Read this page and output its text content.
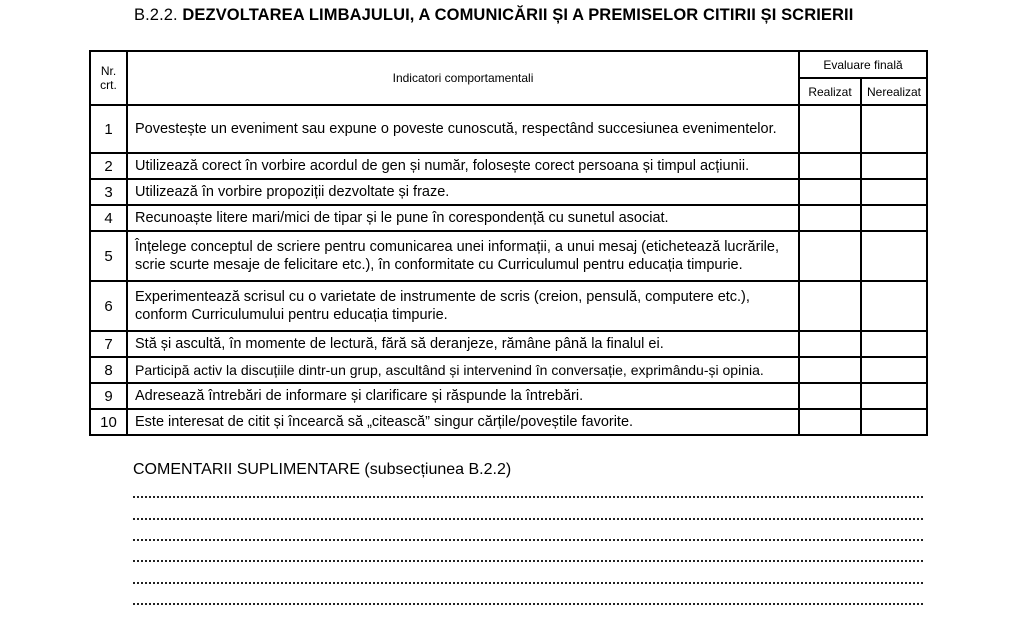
B.2.2. DEZVOLTAREA LIMBAJULUI, A COMUNICĂRII ȘI A PREMISELOR CITIRII ȘI SCRIERII
Nr.
crt.	Indicatori comportamentali	Evaluare finală	
		Realizat	Nerealizat
1	Povestește un eveniment sau expune o poveste cunoscută, respectând succesiunea evenimentelor.		
2	Utilizează corect în vorbire acordul de gen și număr, folosește corect persoana și timpul acțiunii.		
3	Utilizează în vorbire propoziții dezvoltate și fraze.		
4	Recunoaște litere mari/mici de tipar și le pune în corespondență cu sunetul asociat.		
5	Înțelege conceptul de scriere pentru comunicarea unei informații, a unui mesaj (etichetează lucrările, scrie scurte mesaje de felicitare etc.), în conformitate cu Curriculumul pentru educația timpurie.		
6	Experimentează scrisul cu o varietate de instrumente de scris (creion, pensulă, computere etc.), conform Curriculumului pentru educația timpurie.		
7	Stă și ascultă, în momente de lectură, fără să deranjeze, rămâne până la finalul ei.		
8	Participă activ la discuțiile dintr-un grup, ascultând și intervenind în conversație, exprimându-și opinia.		
9	Adresează întrebări de informare și clarificare și răspunde la întrebări.		
10	Este interesat de citit și încearcă să „citească” singur cărțile/poveștile favorite.		
COMENTARII SUPLIMENTARE (subsecțiunea B.2.2)
